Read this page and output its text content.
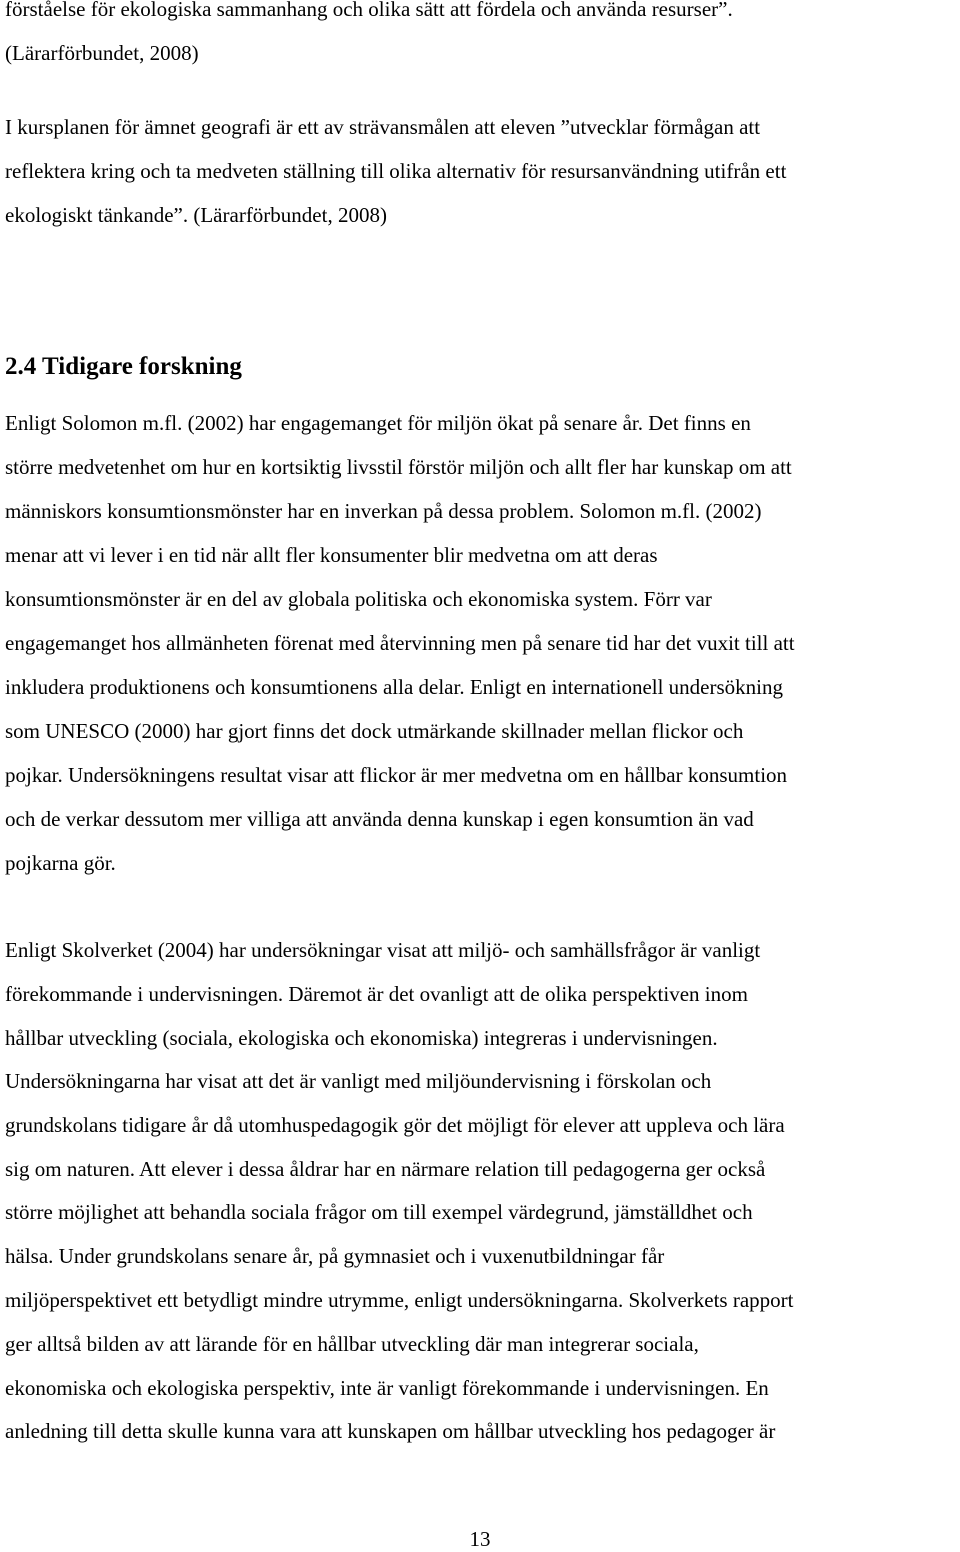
förståelse för ekologiska sammanhang och olika sätt att fördela och använda resurser”.
(Lärarförbundet, 2008)
I kursplanen för ämnet geografi är ett av strävansmålen att eleven ”utvecklar förmågan att
reflektera kring och ta medveten ställning till olika alternativ för resursanvändning utifrån ett
ekologiskt tänkande”. (Lärarförbundet, 2008)
2.4 Tidigare forskning
Enligt Solomon m.fl. (2002) har engagemanget för miljön ökat på senare år. Det finns en
större medvetenhet om hur en kortsiktig livsstil förstör miljön och allt fler har kunskap om att
människors konsumtionsmönster har en inverkan på dessa problem. Solomon m.fl. (2002)
menar att vi lever i en tid när allt fler konsumenter blir medvetna om att deras
konsumtionsmönster är en del av globala politiska och ekonomiska system. Förr var
engagemanget hos allmänheten förenat med återvinning men på senare tid har det vuxit till att
inkludera produktionens och konsumtionens alla delar. Enligt en internationell undersökning
som UNESCO (2000) har gjort finns det dock utmärkande skillnader mellan flickor och
pojkar. Undersökningens resultat visar att flickor är mer medvetna om en hållbar konsumtion
och de verkar dessutom mer villiga att använda denna kunskap i egen konsumtion än vad
pojkarna gör.
Enligt Skolverket (2004) har undersökningar visat att miljö- och samhällsfrågor är vanligt
förekommande i undervisningen. Däremot är det ovanligt att de olika perspektiven inom
hållbar utveckling (sociala, ekologiska och ekonomiska) integreras i undervisningen.
Undersökningarna har visat att det är vanligt med miljöundervisning i förskolan och
grundskolans tidigare år då utomhuspedagogik gör det möjligt för elever att uppleva och lära
sig om naturen. Att elever i dessa åldrar har en närmare relation till pedagogerna ger också
större möjlighet att behandla sociala frågor om till exempel värdegrund, jämställdhet och
hälsa. Under grundskolans senare år, på gymnasiet och i vuxenutbildningar får
miljöperspektivet ett betydligt mindre utrymme, enligt undersökningarna. Skolverkets rapport
ger alltså bilden av att lärande för en hållbar utveckling där man integrerar sociala,
ekonomiska och ekologiska perspektiv, inte är vanligt förekommande i undervisningen. En
anledning till detta skulle kunna vara att kunskapen om hållbar utveckling hos pedagoger är
13
